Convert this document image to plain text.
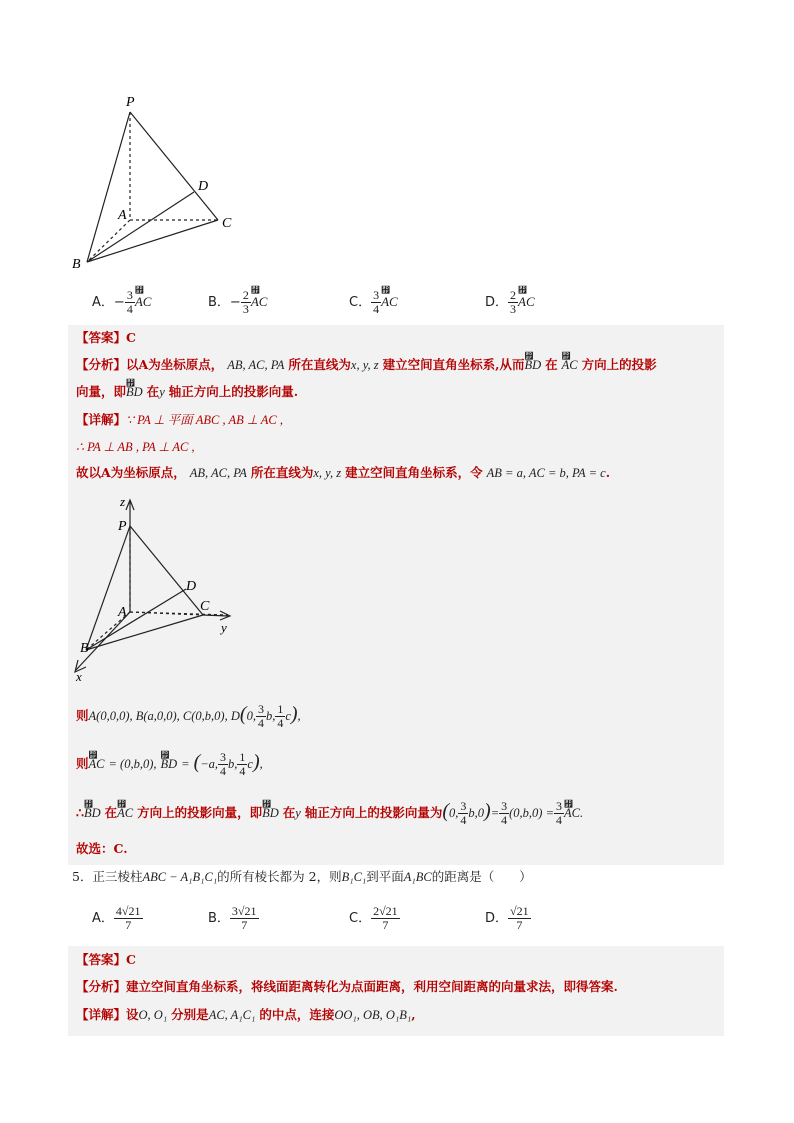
P
D
A
C
B
A．− $\frac{3}{4}$ ⴯ AC	B．− $\frac{2}{3}$ ⴯ AC	C． $\frac{3}{4}$ ⴯ AC	D． $\frac{2}{3}$ ⴯ AC
【答案】C
【分析】以A为坐标原点， AB, AC, PA 所在直线为x, y, z 建立空间直角坐标系,从而⴯ BD 在 ⴯ AC 方向上的投影
向量，即⴯ BD 在y 轴正方向上的投影向量.
【详解】∵ PA ⊥ 平面 ABC , AB ⊥ AC ,
∴ PA ⊥ AB , PA ⊥ AC ,
故以A为坐标原点， AB, AC, PA 所在直线为x, y, z 建立空间直角坐标系，令 AB = a, AC = b, PA = c.
z
P
D
A	C
y
B
x
则A(0,0,0), B(a,0,0), C(0,b,0), D(0, $\frac{3}{4} b$, $\frac{1}{4} c$),
则⴯ AC = (0,b,0), ⴯ BD = (−a, $\frac{3}{4} b$, $\frac{1}{4} c$),
∴⴯ BD 在⴯ AC 方向上的投影向量，即⴯ BD 在y 轴正方向上的投影向量为(0, $\frac{3}{4} b,0)= \frac{3}{4} (0,b,0) = \frac{3}{4}$ ⴯ AC.
故选：C.
5．正三棱柱ABC − A₁B₁C₁的所有棱长都为 2，则B₁C₁到平面A₁BC的距离是（　　）
A． $\frac{4√21}{7}$	B． $\frac{3√21}{7}$	C． $\frac{2√21}{7}$	D． $\frac{√21}{7}$
【答案】C
【分析】建立空间直角坐标系，将线面距离转化为点面距离，利用空间距离的向量求法，即得答案.
【详解】设O, O₁ 分别是AC, A₁C₁ 的中点，连接OO₁, OB, O₁B₁,
